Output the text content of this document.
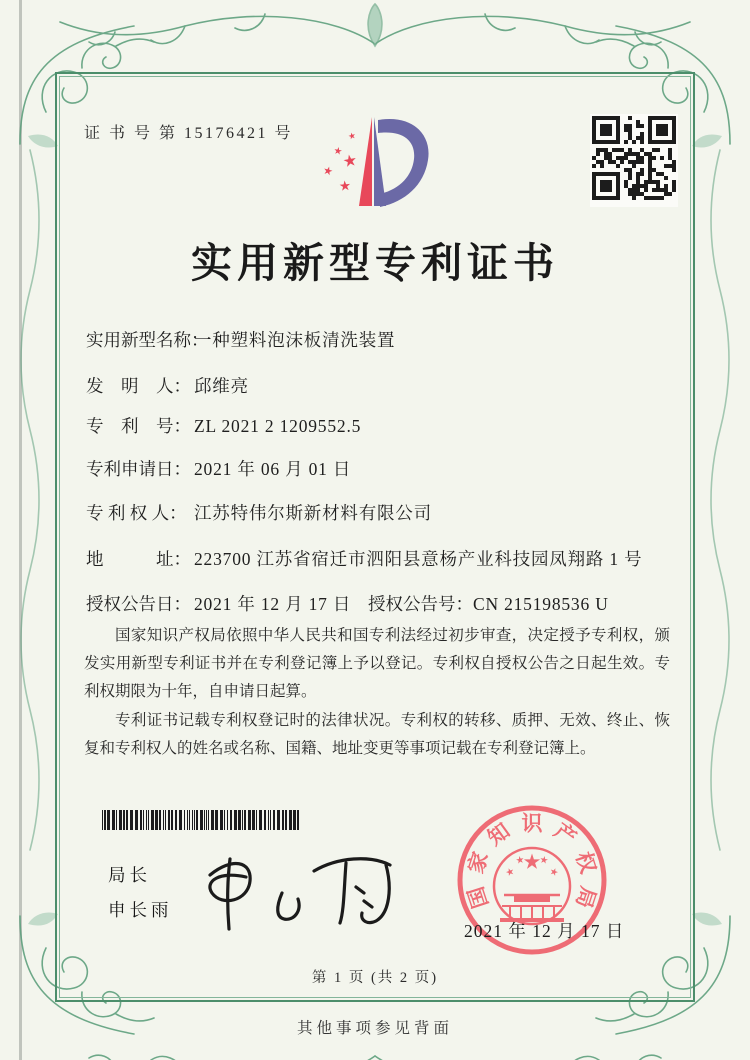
证 书 号 第 15176421 号
实用新型专利证书
实用新型名称：一种塑料泡沫板清洗装置
发　明　人： 邱维亮
专　利　号： ZL 2021 2 1209552.5
专利申请日： 2021 年 06 月 01 日
专 利 权 人： 江苏特伟尔斯新材料有限公司
地　　　址： 223700 江苏省宿迁市泗阳县意杨产业科技园凤翔路 1 号
授权公告日： 2021 年 12 月 17 日 授权公告号：CN 215198536 U

国家知识产权局依照中华人民共和国专利法经过初步审查，决定授予专利权，颁发实用新型专利证书并在专利登记簿上予以登记。专利权自授权公告之日起生效。专利权期限为十年，自申请日起算。

专利证书记载专利权登记时的法律状况。专利权的转移、质押、无效、终止、恢复和专利权人的姓名或名称、国籍、地址变更等事项记载在专利登记簿上。

局长
申长雨	国
家
知 识 产
权
局
2021 年 12 月 17 日
第 1 页 (共 2 页)
其他事项参见背面
